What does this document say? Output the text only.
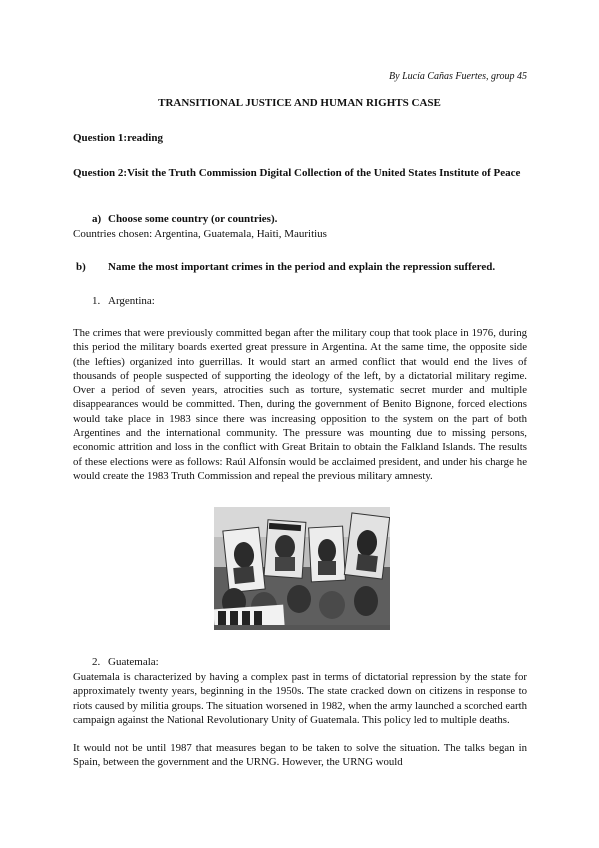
By Lucía Cañas Fuertes, group 45
TRANSITIONAL JUSTICE AND HUMAN RIGHTS CASE
Question 1:reading
Question 2:Visit the Truth Commission Digital Collection of the United States Institute of Peace
a) Choose some country (or countries).
Countries chosen: Argentina, Guatemala, Haiti, Mauritius
b) Name the most important crimes in the period and explain the repression suffered.
1. Argentina:
The crimes that were previously committed began after the military coup that took place in 1976, during this period the military boards exerted great pressure in Argentina. At the same time, the opposite side (the lefties) organized into guerrillas. It would start an armed conflict that would end the lives of thousands of people suspected of supporting the ideology of the left, by a dictatorial military regime. Over a period of seven years, atrocities such as torture, systematic secret murder and multiple disappearances would be committed. Then, during the government of Benito Bignone, forced elections would take place in 1983 since there was increasing opposition to the system on the part of both Argentines and the international community. The pressure was mounting due to missing persons, economic attrition and loss in the conflict with Great Britain to obtain the Falkland Islands. The results of these elections were as follows: Raúl Alfonsín would be acclaimed president, and under his charge he would create the 1983 Truth Commission and repeal the previous military amnesty.
2. Guatemala:
Guatemala is characterized by having a complex past in terms of dictatorial repression by the state for approximately twenty years, beginning in the 1950s. The state cracked down on citizens in response to riots caused by militia groups. The situation worsened in 1982, when the army launched a scorched earth campaign against the National Revolutionary Unity of Guatemala. This policy led to multiple deaths.
It would not be until 1987 that measures began to be taken to solve the situation. The talks began in Spain, between the government and the URNG. However, the URNG would
